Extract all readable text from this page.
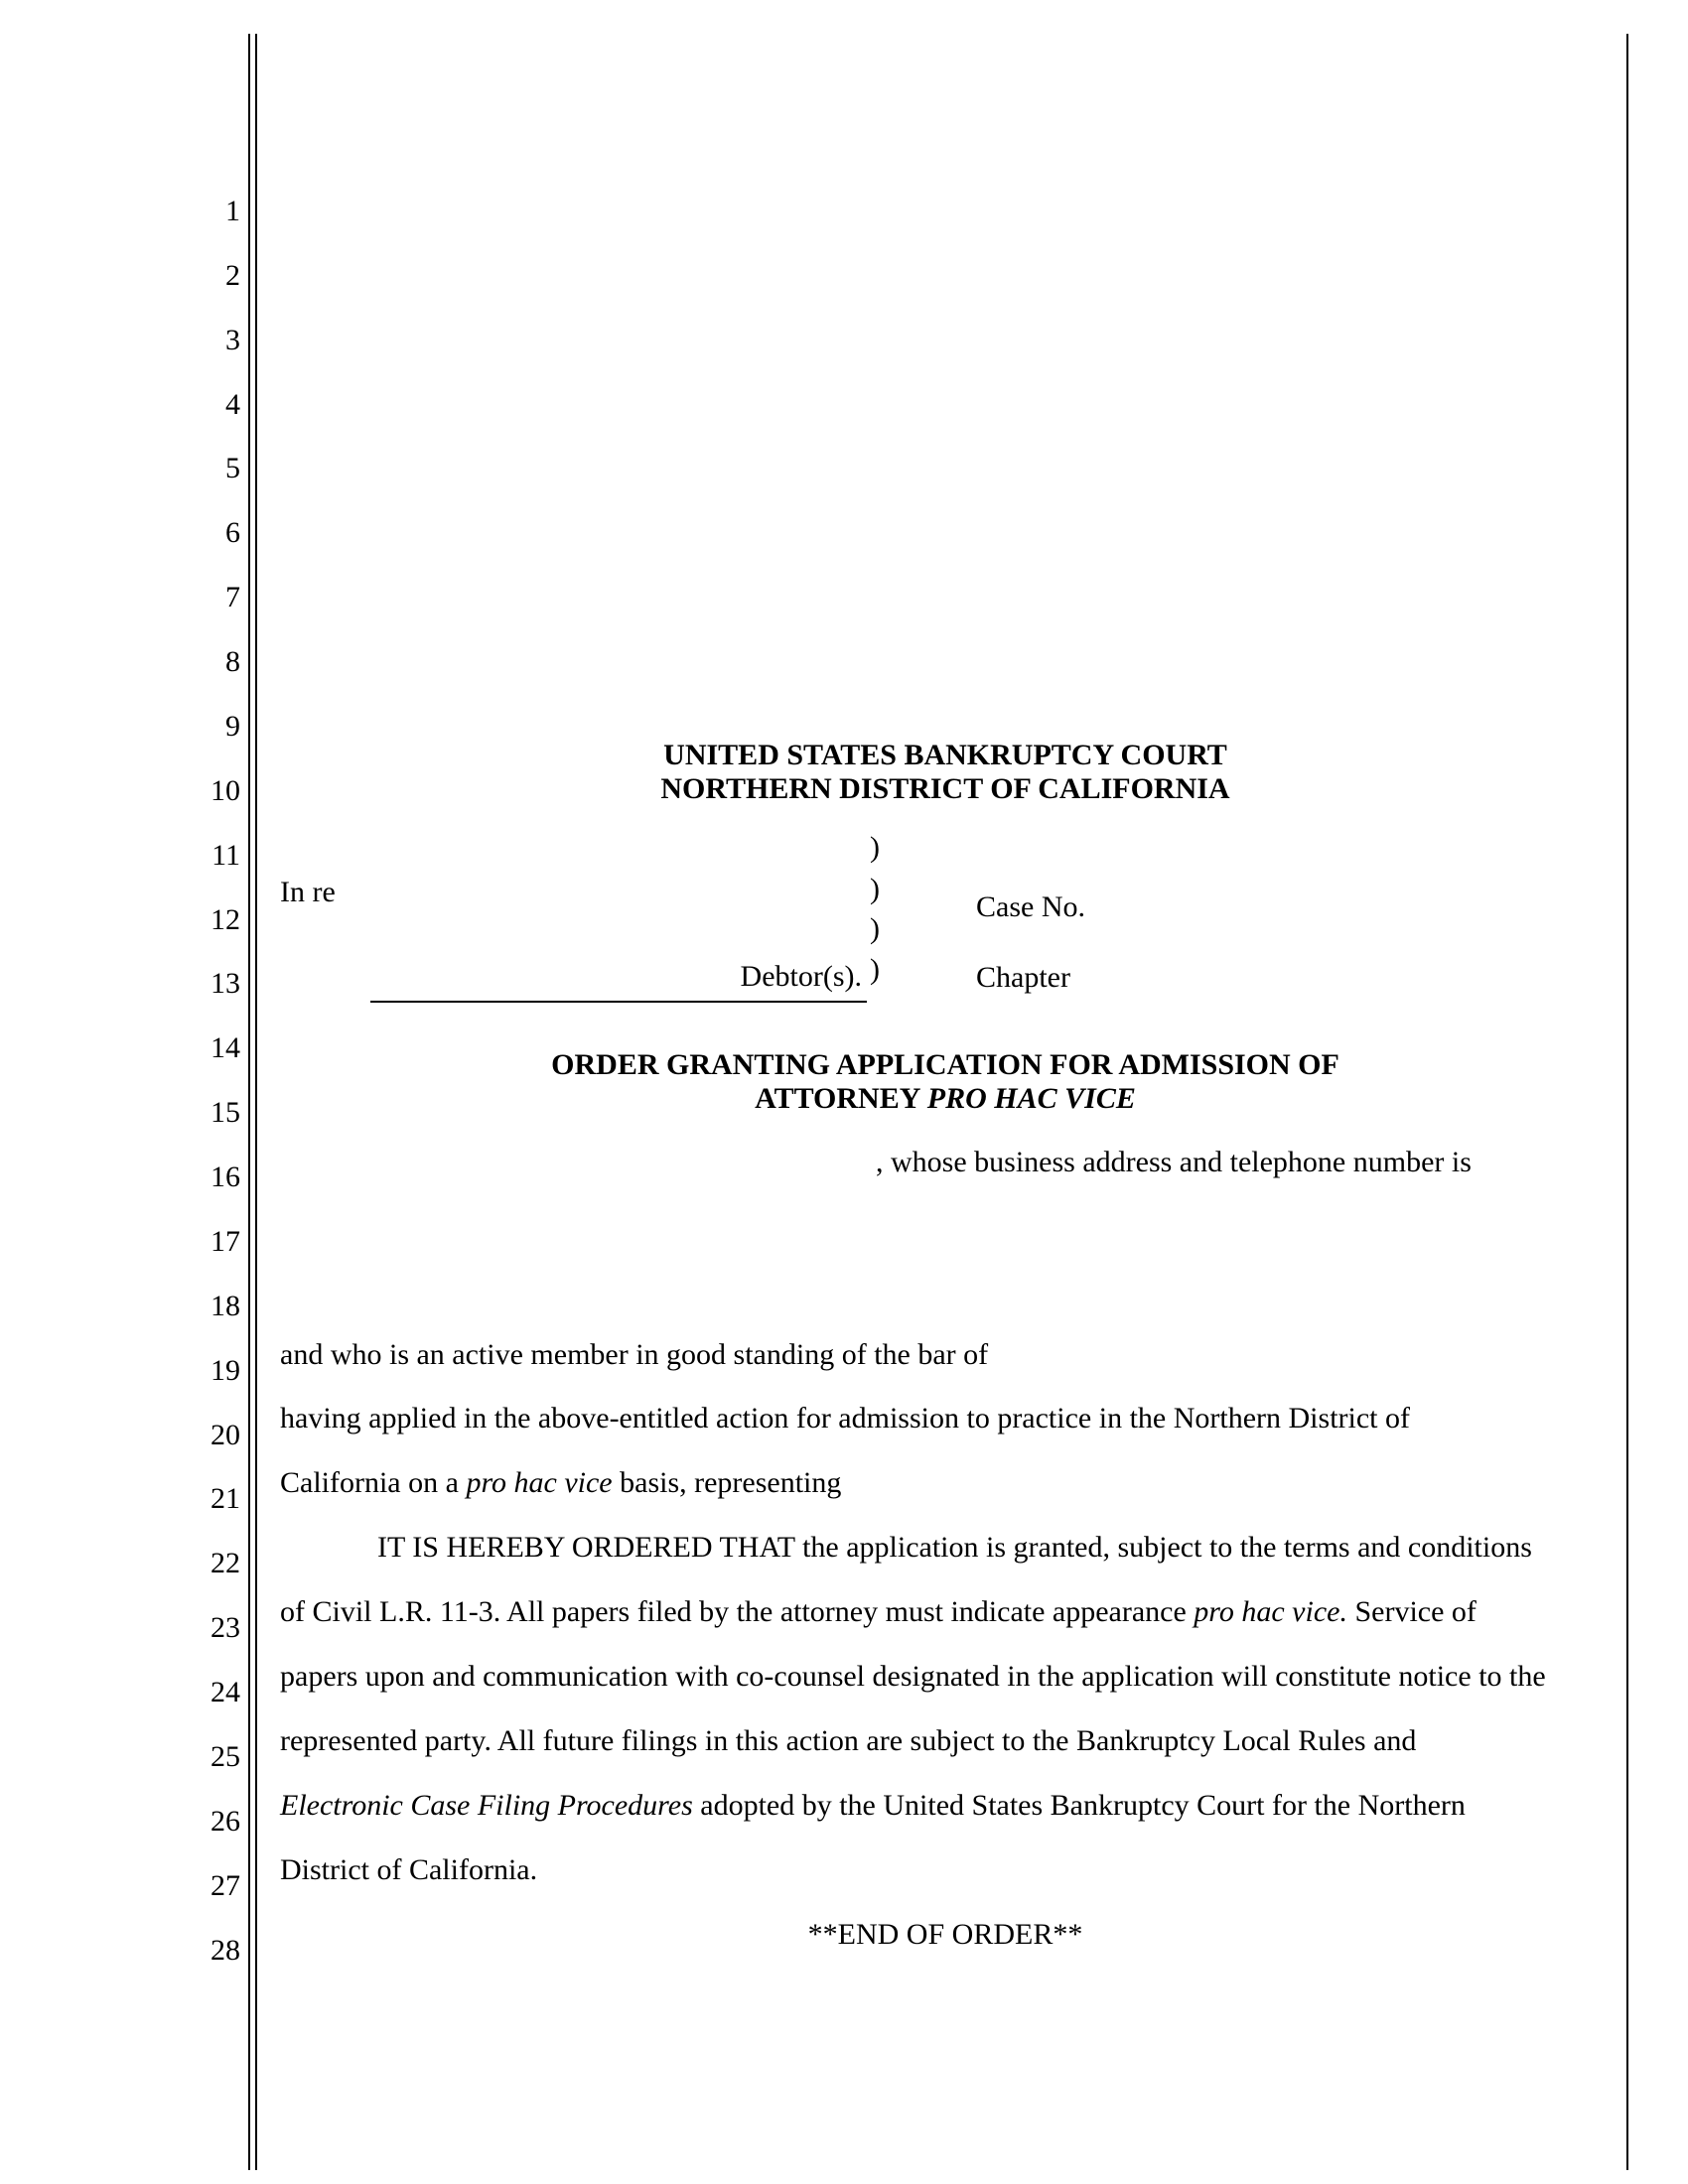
1
2
3
4
5
6
7
8
9
10
11
12
13
14
15
16
17
18
19
20
21
22
23
24
25
26
27
28
UNITED STATES BANKRUPTCY COURT
NORTHERN DISTRICT OF CALIFORNIA
In re
Debtor(s).
)
)
)
)
Case No.
Chapter
ORDER GRANTING APPLICATION FOR ADMISSION OF
ATTORNEY PRO HAC VICE
, whose business address and telephone number is
and who is an active member in good standing of the bar of
having applied in the above-entitled action for admission to practice in the Northern District of
California on a pro hac vice basis, representing
IT IS HEREBY ORDERED THAT the application is granted, subject to the terms and conditions of Civil L.R. 11-3. All papers filed by the attorney must indicate appearance pro hac vice. Service of papers upon and communication with co-counsel designated in the application will constitute notice to the represented party. All future filings in this action are subject to the Bankruptcy Local Rules and Electronic Case Filing Procedures adopted by the United States Bankruptcy Court for the Northern District of California.
**END OF ORDER**
